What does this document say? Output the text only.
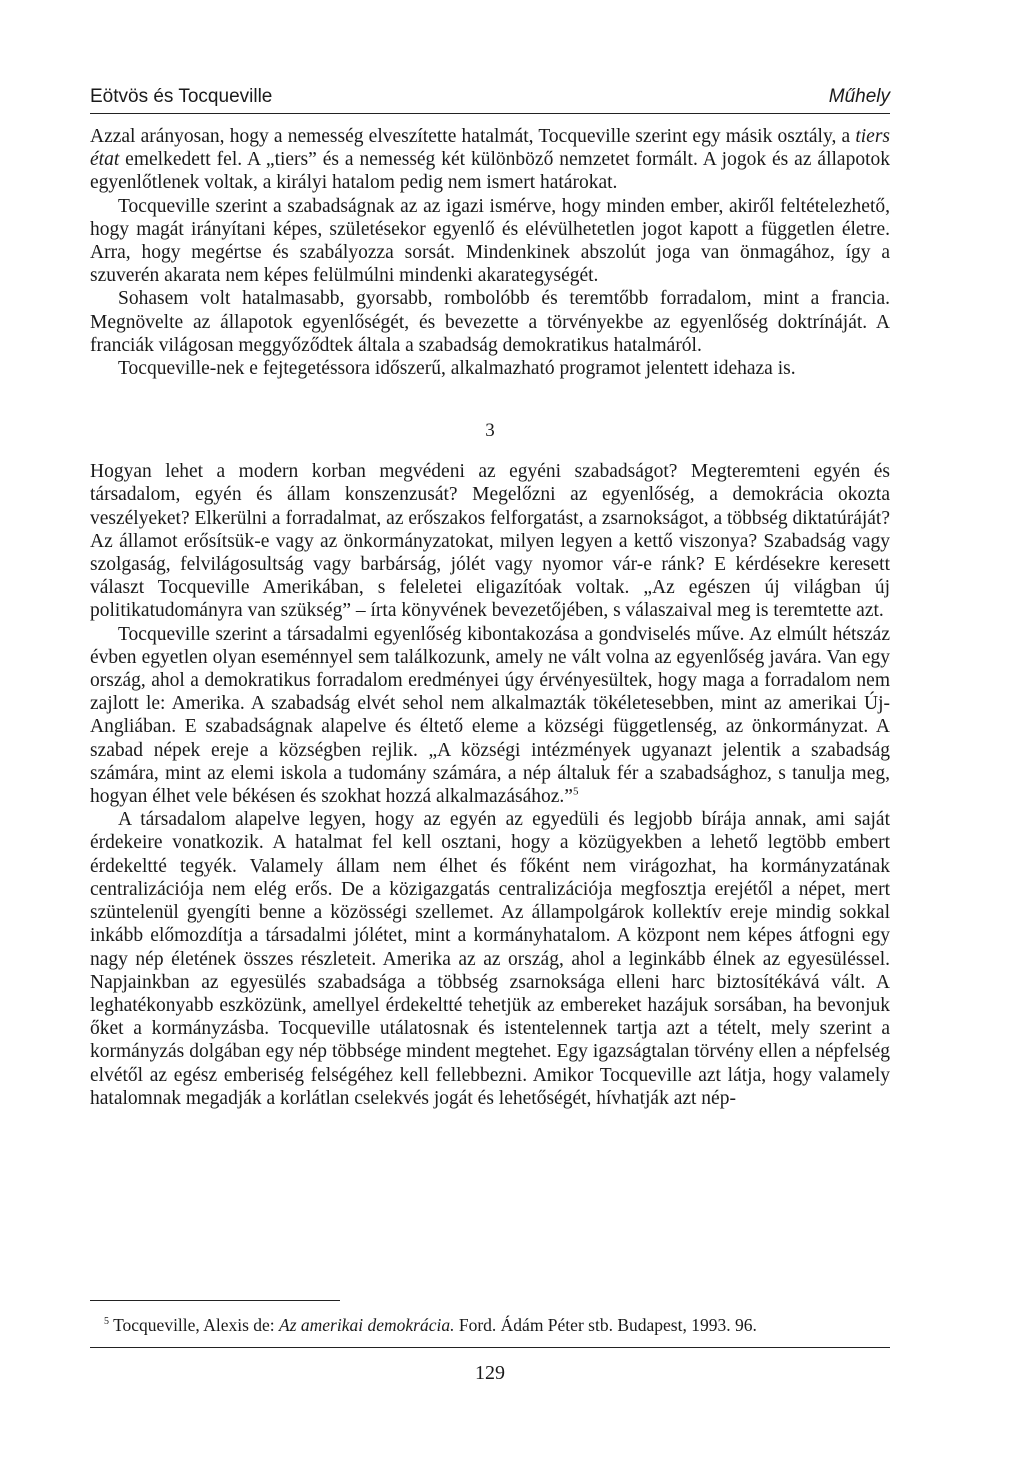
Eötvös és Tocqueville	Műhely

Azzal arányosan, hogy a nemesség elveszítette hatalmát, Tocqueville szerint egy másik osztály, a tiers état emelkedett fel. A „tiers” és a nemesség két különböző nemzetet formált. A jogok és az állapotok egyenlőtlenek voltak, a királyi hatalom pedig nem ismert határokat.

Tocqueville szerint a szabadságnak az az igazi ismérve, hogy minden ember, akiről feltételezhető, hogy magát irányítani képes, születésekor egyenlő és elévülhetetlen jogot kapott a független életre. Arra, hogy megértse és szabályozza sorsát. Mindenkinek abszolút joga van önmagához, így a szuverén akarata nem képes felülmúlni mindenki akarategységét.

Sohasem volt hatalmasabb, gyorsabb, rombolóbb és teremtőbb forradalom, mint a francia. Megnövelte az állapotok egyenlőségét, és bevezette a törvényekbe az egyenlőség doktrínáját. A franciák világosan meggyőződtek általa a szabadság demokratikus hatalmáról.

Tocqueville-nek e fejtegetéssora időszerű, alkalmazható programot jelentett idehaza is.

3

Hogyan lehet a modern korban megvédeni az egyéni szabadságot? Megteremteni egyén és társadalom, egyén és állam konszenzusát? Megelőzni az egyenlőség, a demokrácia okozta veszélyeket? Elkerülni a forradalmat, az erőszakos felforgatást, a zsarnokságot, a többség diktatúráját? Az államot erősítsük-e vagy az önkormányzatokat, milyen legyen a kettő viszonya? Szabadság vagy szolgaság, felvilágosultság vagy barbárság, jólét vagy nyomor vár-e ránk? E kérdésekre keresett választ Tocqueville Amerikában, s feleletei eligazítóak voltak. „Az egészen új világban új politikatudományra van szükség” – írta könyvének bevezetőjében, s válaszaival meg is teremtette azt.

Tocqueville szerint a társadalmi egyenlőség kibontakozása a gondviselés műve. Az elmúlt hétszáz évben egyetlen olyan eseménnyel sem találkozunk, amely ne vált volna az egyenlőség javára. Van egy ország, ahol a demokratikus forradalom eredményei úgy érvényesültek, hogy maga a forradalom nem zajlott le: Amerika. A szabadság elvét sehol nem alkalmazták tökéletesebben, mint az amerikai Új-Angliában. E szabadságnak alapelve és éltető eleme a községi függetlenség, az önkormányzat. A szabad népek ereje a községben rejlik. „A községi intézmények ugyanazt jelentik a szabadság számára, mint az elemi iskola a tudomány számára, a nép általuk fér a szabadsághoz, s tanulja meg, hogyan élhet vele békésen és szokhat hozzá alkalmazásához.”$^5$

A társadalom alapelve legyen, hogy az egyén az egyedüli és legjobb bírája annak, ami saját érdekeire vonatkozik. A hatalmat fel kell osztani, hogy a közügyekben a lehető legtöbb embert érdekeltté tegyék. Valamely állam nem élhet és főként nem virágozhat, ha kormányzatának centralizációja nem elég erős. De a közigazgatás centralizációja megfosztja erejétől a népet, mert szüntelenül gyengíti benne a közösségi szellemet. Az állampolgárok kollektív ereje mindig sokkal inkább előmozdítja a társadalmi jólétet, mint a kormányhatalom. A központ nem képes átfogni egy nagy nép életének összes részleteit. Amerika az az ország, ahol a leginkább élnek az egyesüléssel. Napjainkban az egyesülés szabadsága a többség zsarnoksága elleni harc biztosítékává vált. A leghatékonyabb eszközünk, amellyel érdekeltté tehetjük az embereket hazájuk sorsában, ha bevonjuk őket a kormányzásba. Tocqueville utálatosnak és istentelennek tartja azt a tételt, mely szerint a kormányzás dolgában egy nép többsége mindent megtehet. Egy igazságtalan törvény ellen a népfelség elvétől az egész emberiség felségéhez kell fellebbezni. Amikor Tocqueville azt látja, hogy valamely hatalomnak megadják a korlátlan cselekvés jogát és lehetőségét, hívhatják azt nép-

$^5$ Tocqueville, Alexis de: Az amerikai demokrácia. Ford. Ádám Péter stb. Budapest, 1993. 96.
129
